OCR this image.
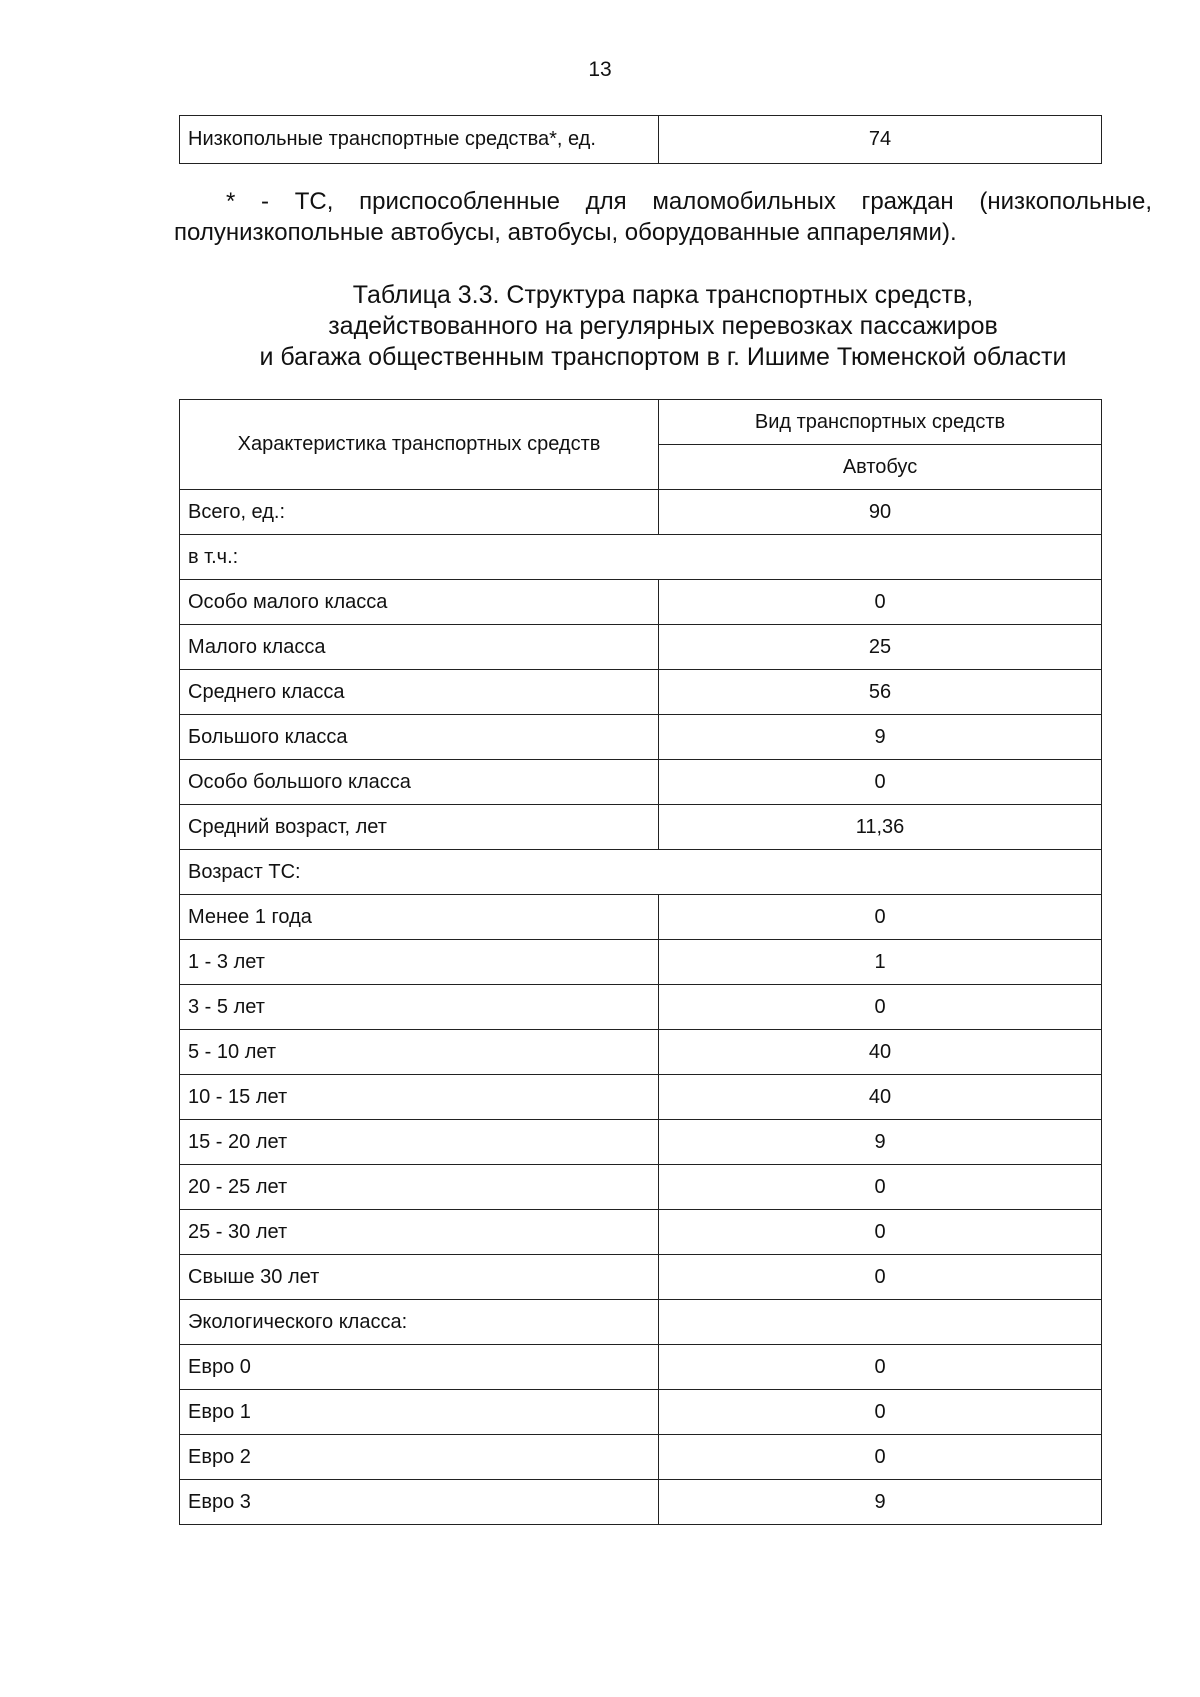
13
Низкопольные транспортные средства*, ед.	74
* - ТС, приспособленные для маломобильных граждан (низкопольные,
полунизкопольные автобусы, автобусы, оборудованные аппарелями).
Таблица 3.3. Структура парка транспортных средств,
задействованного на регулярных перевозках пассажиров
и багажа общественным транспортом в г. Ишиме Тюменской области
Характеристика транспортных средств	Вид транспортных средств
	Автобус
Всего, ед.:	90
в т.ч.:	
Особо малого класса	0
Малого класса	25
Среднего класса	56
Большого класса	9
Особо большого класса	0
Средний возраст, лет	11,36
Возраст ТС:	
Менее 1 года	0
1 - 3 лет	1
3 - 5 лет	0
5 - 10 лет	40
10 - 15 лет	40
15 - 20 лет	9
20 - 25 лет	0
25 - 30 лет	0
Свыше 30 лет	0
Экологического класса:	
Евро 0	0
Евро 1	0
Евро 2	0
Евро 3	9
